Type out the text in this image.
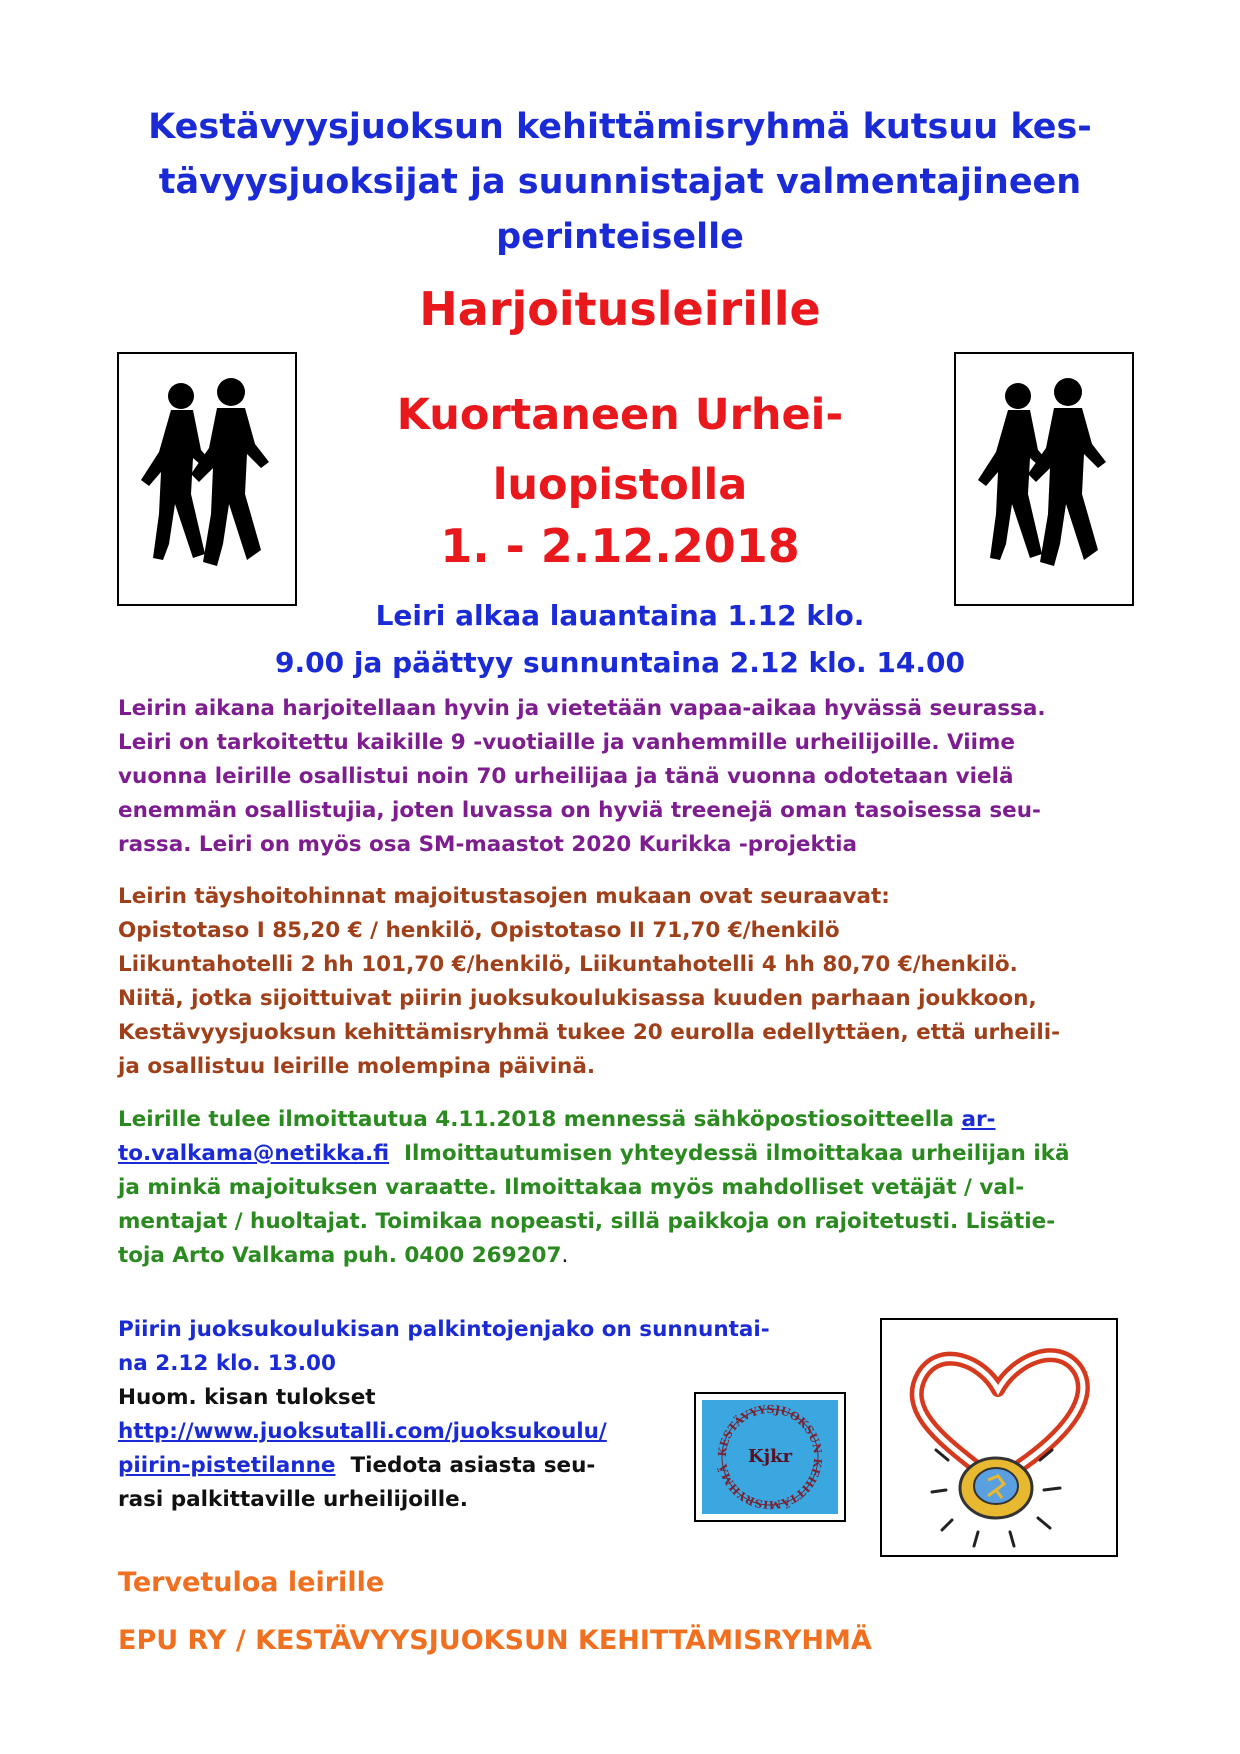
Kestävyysjuoksun kehittämisryhmä kutsuu kes-
tävyysjuoksijat ja suunnistajat valmentajineen
perinteiselle
Harjoitusleirille
Kuortaneen Urhei-
luopistolla
1. - 2.12.2018
Leiri alkaa lauantaina 1.12 klo.
9.00 ja päättyy sunnuntaina 2.12 klo. 14.00
Leirin aikana harjoitellaan hyvin ja vietetään vapaa-aikaa hyvässä seurassa.
Leiri on tarkoitettu kaikille 9 -vuotiaille ja vanhemmille urheilijoille. Viime
vuonna leirille osallistui noin 70 urheilijaa ja tänä vuonna odotetaan vielä
enemmän osallistujia, joten luvassa on hyviä treenejä oman tasoisessa seu-
rassa. Leiri on myös osa SM-maastot 2020 Kurikka -projektia
Leirin täyshoitohinnat majoitustasojen mukaan ovat seuraavat:
Opistotaso I 85,20 € / henkilö, Opistotaso II 71,70 €/henkilö
Liikuntahotelli 2 hh 101,70 €/henkilö, Liikuntahotelli 4 hh 80,70 €/henkilö.
Niitä, jotka sijoittuivat piirin juoksukoulukisassa kuuden parhaan joukkoon,
Kestävyysjuoksun kehittämisryhmä tukee 20 eurolla edellyttäen, että urheili-
ja osallistuu leirille molempina päivinä.
Leirille tulee ilmoittautua 4.11.2018 mennessä sähköpostiosoitteella ar-
to.valkama@netikka.fi  Ilmoittautumisen yhteydessä ilmoittakaa urheilijan ikä
ja minkä majoituksen varaatte. Ilmoittakaa myös mahdolliset vetäjät / val-
mentajat / huoltajat. Toimikaa nopeasti, sillä paikkoja on rajoitetusti. Lisätie-
toja Arto Valkama puh. 0400 269207.
Piirin juoksukoulukisan palkintojenjako on sunnuntai-
na 2.12 klo. 13.00
Huom. kisan tulokset
http://www.juoksutalli.com/juoksukoulu/
piirin-pistetilanne  Tiedota asiasta seu-
rasi palkittaville urheilijoille.
KESTÄVYYSJUOKSUN KEHITTÄMISRYHMÄ
Kjkr
Tervetuloa leirille
EPU RY / KESTÄVYYSJUOKSUN KEHITTÄMISRYHMÄ
